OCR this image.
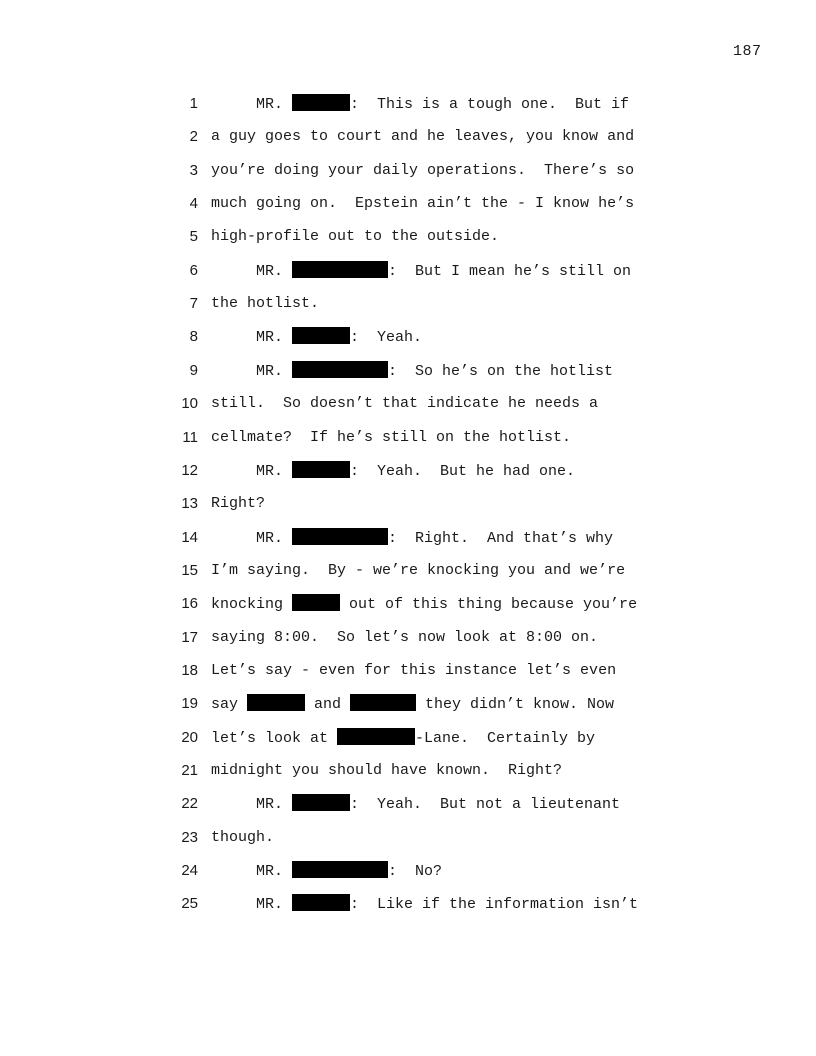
187
1 MR.	:  This is a tough one.  But if
2 a guy goes to court and he leaves, you know and
3 you’re doing your daily operations.  There’s so
4 much going on.  Epstein ain’t the - I know he’s
5 high-profile out to the outside.
6 MR.	:  But I mean he’s still on
7 the hotlist.
8 MR.	:  Yeah.
9 MR.	:  So he’s on the hotlist
10 still.  So doesn’t that indicate he needs a
11 cellmate?  If he’s still on the hotlist.
12 MR.	:  Yeah.  But he had one.
13 Right?
14 MR.	:  Right.  And that’s why
15 I’m saying.  By - we’re knocking you and we’re
16 knocking	out of this thing because you’re
17 saying 8:00.  So let’s now look at 8:00 on.
18 Let’s say - even for this instance let’s even
19 say	and	they didn’t know. Now
20 let’s look at	-Lane.  Certainly by
21 midnight you should have known.  Right?
22 MR.	:  Yeah.  But not a lieutenant
23 though.
24 MR.	:  No?
25 MR.	:  Like if the information isn’t
